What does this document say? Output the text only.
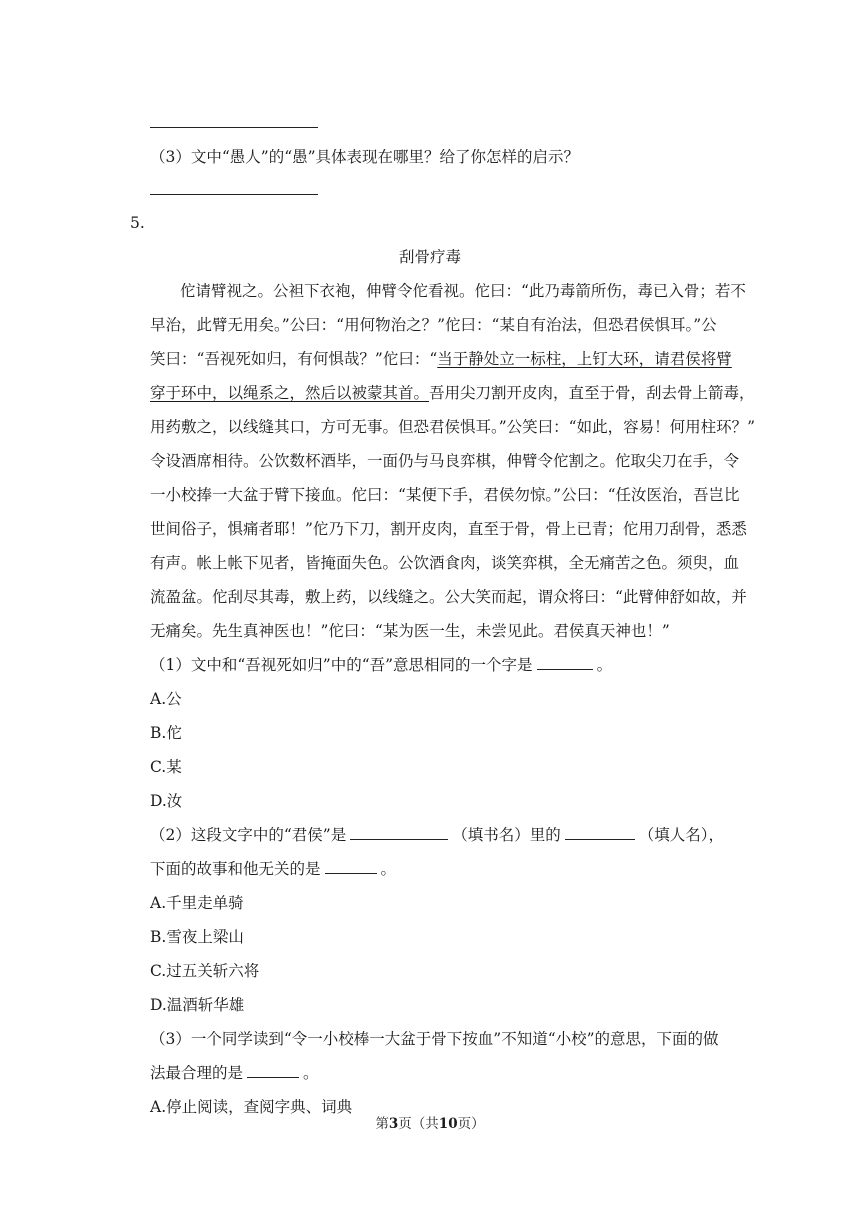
（3）文中“愚人”的“愚”具体表现在哪里？给了你怎样的启示？
5.
刮骨疗毒
佗请臂视之。公袒下衣袍，伸臂令佗看视。佗曰：“此乃毒箭所伤，毒已入骨；若不
早治，此臂无用矣。”公曰：“用何物治之？”佗曰：“某自有治法，但恐君侯惧耳。”公
笑曰：“吾视死如归，有何惧哉？”佗曰：“当于静处立一标柱，上钉大环，请君侯将臂
穿于环中，以绳系之，然后以被蒙其首。吾用尖刀割开皮肉，直至于骨，刮去骨上箭毒，
用药敷之，以线缝其口，方可无事。但恐君侯惧耳。”公笑曰：“如此，容易！何用柱环？”
令设酒席相待。公饮数杯酒毕，一面仍与马良弈棋，伸臂令佗割之。佗取尖刀在手，令
一小校捧一大盆于臂下接血。佗曰：“某便下手，君侯勿惊。”公曰：“任汝医治，吾岂比
世间俗子，惧痛者耶！”佗乃下刀，割开皮肉，直至于骨，骨上已青；佗用刀刮骨，悉悉
有声。帐上帐下见者，皆掩面失色。公饮酒食肉，谈笑弈棋，全无痛苦之色。须臾，血
流盈盆。佗刮尽其毒，敷上药，以线缝之。公大笑而起，谓众将曰：“此臂伸舒如故，并
无痛矣。先生真神医也！”佗曰：“某为医一生，未尝见此。君侯真天神也！”
（1）文中和“吾视死如归”中的“吾”意思相同的一个字是	。
A.公
B.佗
C.某
D.汝
（2）这段文字中的“君侯”是	（填书名）里的	（填人名），
下面的故事和他无关的是	。
A.千里走单骑
B.雪夜上梁山
C.过五关斩六将
D.温酒斩华雄
（3）一个同学读到“令一小校棒一大盆于骨下按血”不知道“小校”的意思，下面的做
法最合理的是	。
A.停止阅读，查阅字典、词典
第3页（共10页）
